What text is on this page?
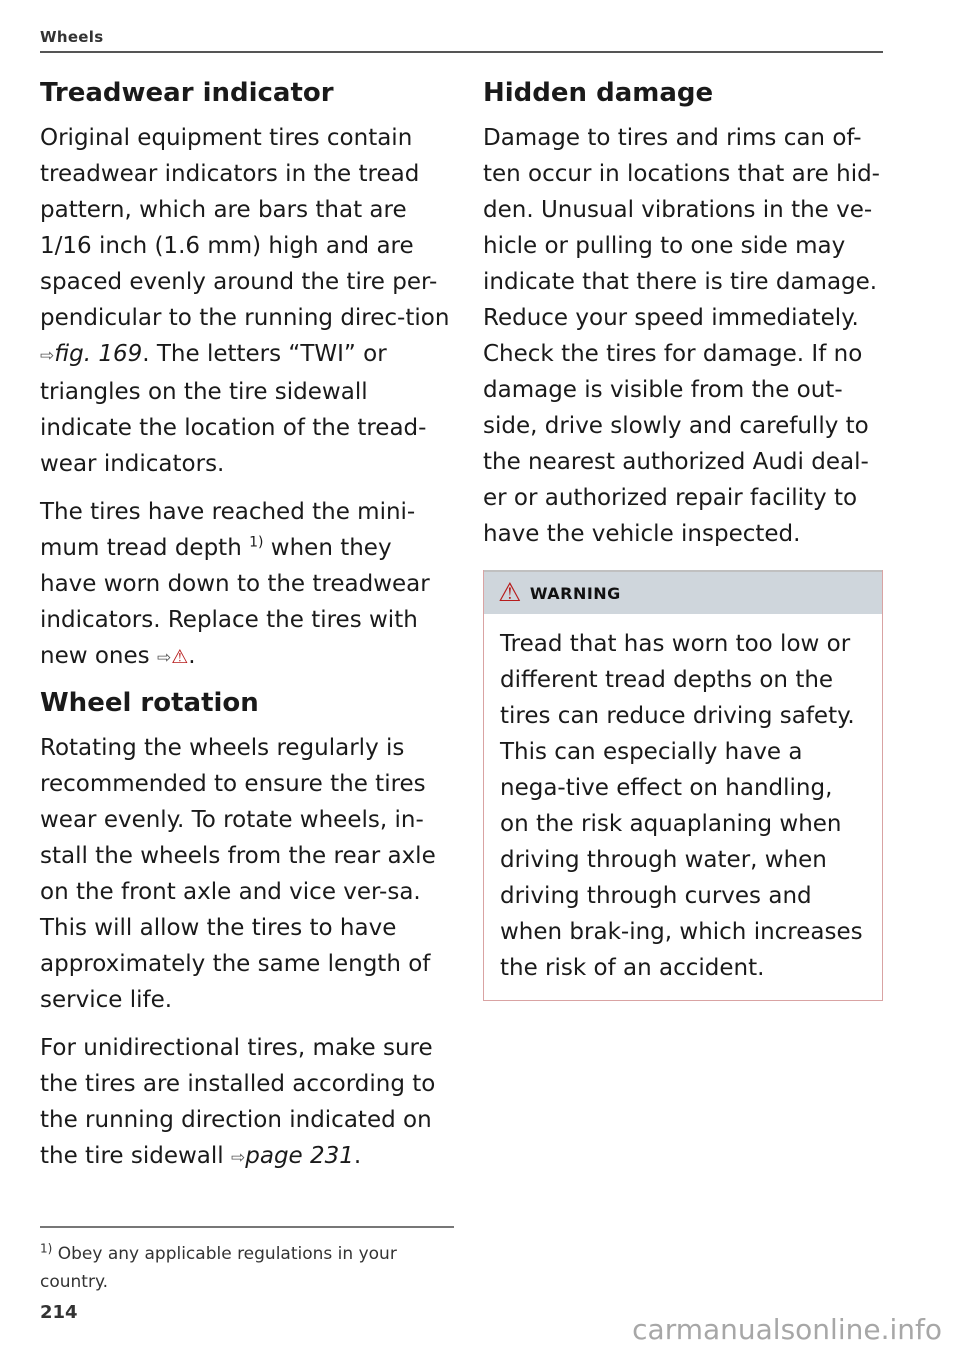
Wheels
Treadwear indicator

Original equipment tires contain treadwear indicators in the tread pattern, which are bars that are 1/16 inch (1.6 mm) high and are spaced evenly around the tire per-pendicular to the running direc-tion ⇨fig. 169. The letters “TWI” or triangles on the tire sidewall indicate the location of the tread-wear indicators.

The tires have reached the mini-mum tread depth $^{1)}$ when they have worn down to the treadwear indicators. Replace the tires with new ones ⇨⚠.

Wheel rotation

Rotating the wheels regularly is recommended to ensure the tires wear evenly. To rotate wheels, in-stall the wheels from the rear axle on the front axle and vice ver-sa. This will allow the tires to have approximately the same length of service life.

For unidirectional tires, make sure the tires are installed according to the running direction indicated on the tire sidewall ⇨page 231.

Hidden damage

Damage to tires and rims can of-ten occur in locations that are hid-den. Unusual vibrations in the ve-hicle or pulling to one side may indicate that there is tire damage. Reduce your speed immediately. Check the tires for damage. If no damage is visible from the out-side, drive slowly and carefully to the nearest authorized Audi deal-er or authorized repair facility to have the vehicle inspected.

⚠ WARNING

Tread that has worn too low or different tread depths on the tires can reduce driving safety. This can especially have a nega-tive effect on handling, on the risk aquaplaning when driving through water, when driving through curves and when brak-ing, which increases the risk of an accident.

$^{1)}$ Obey any applicable regulations in your country.
214
carmanualsonline.info
